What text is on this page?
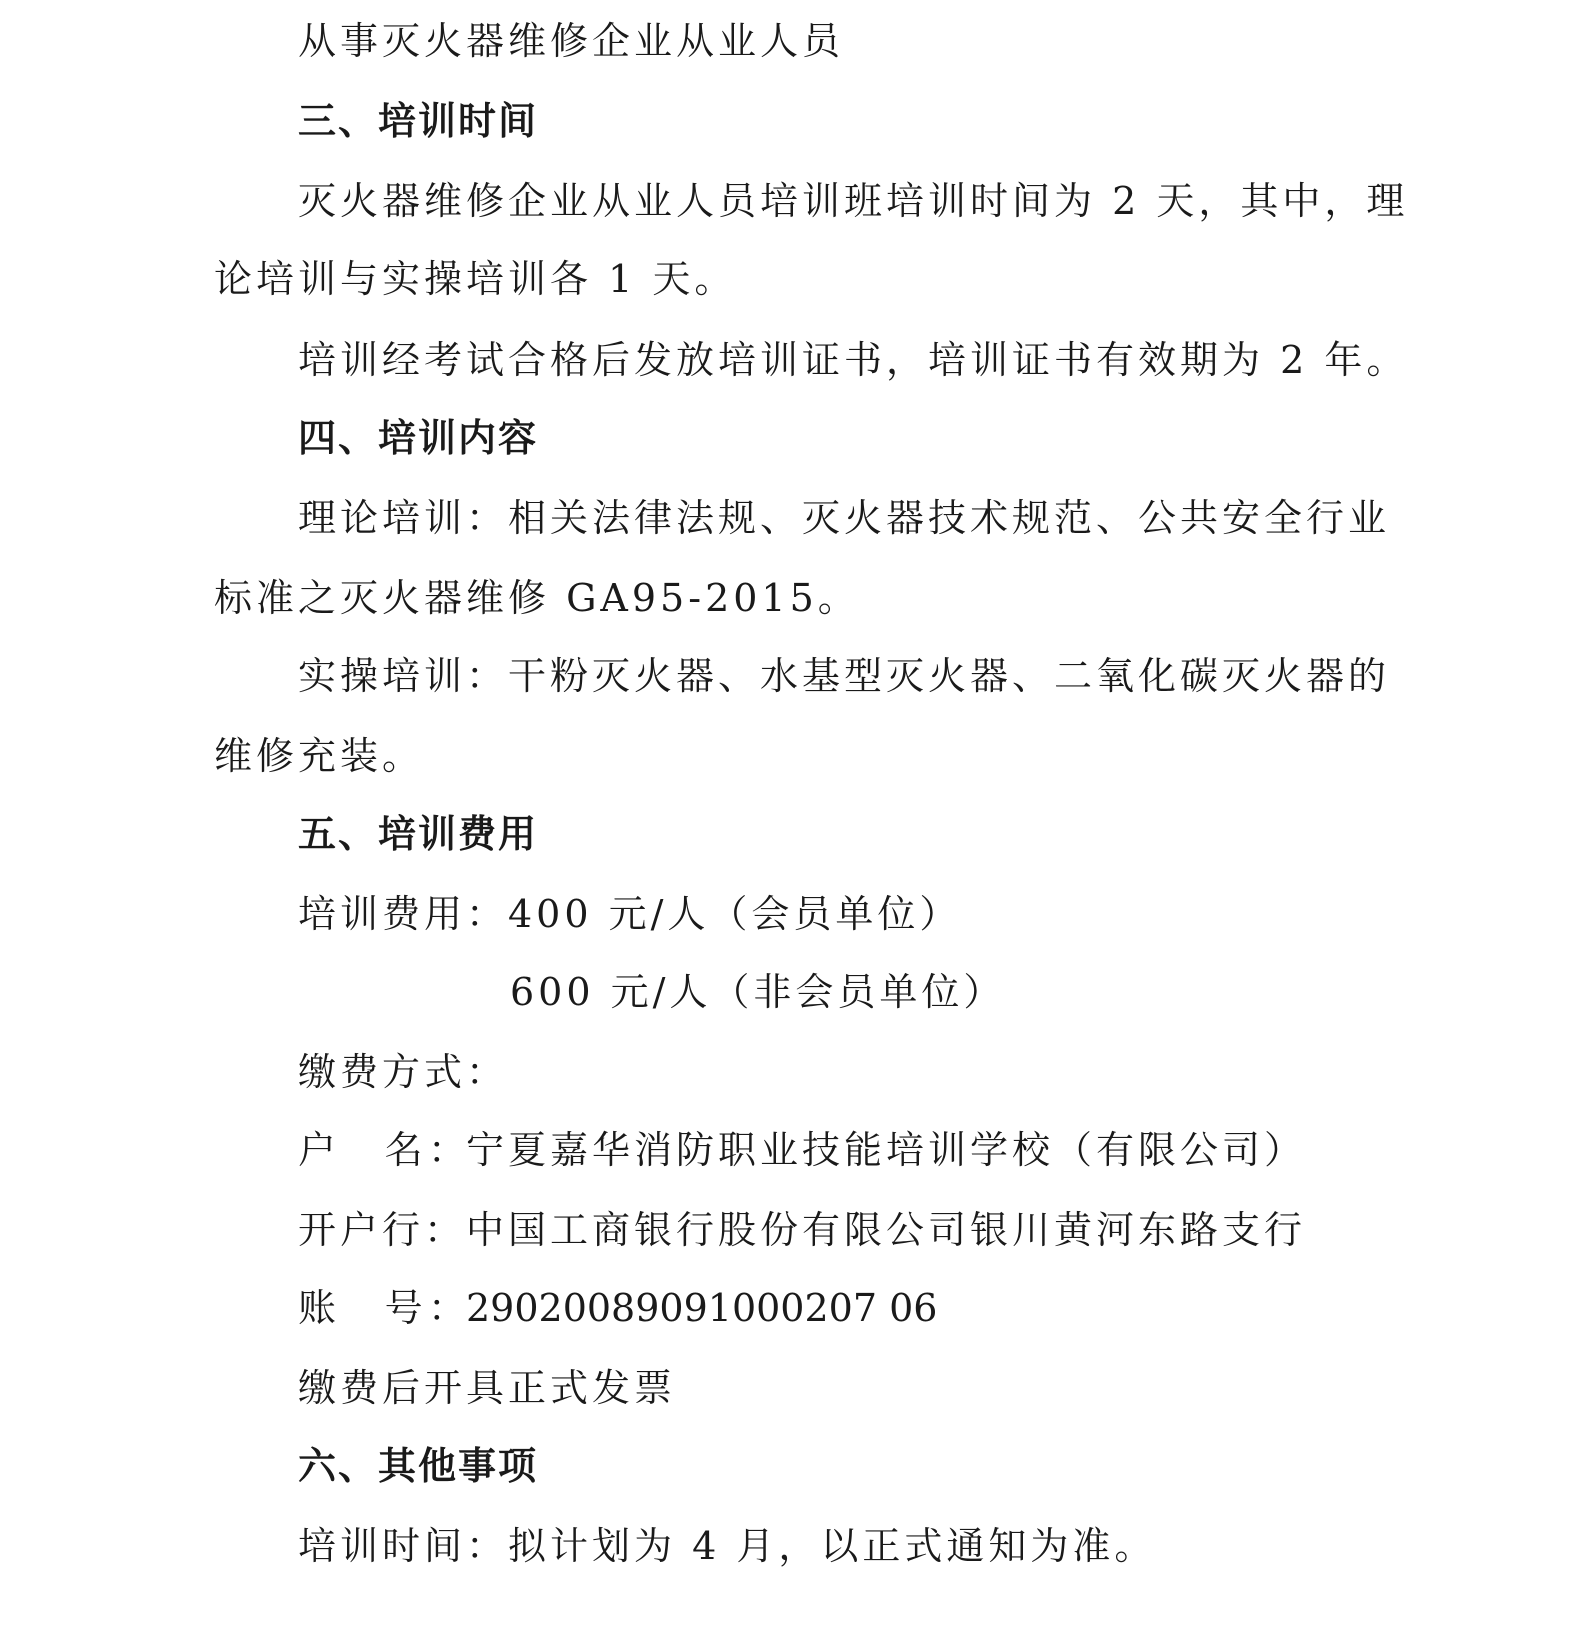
从事灭火器维修企业从业人员
三、培训时间
灭火器维修企业从业人员培训班培训时间为 2 天，其中，理
论培训与实操培训各 1 天。
培训经考试合格后发放培训证书，培训证书有效期为 2 年。
四、培训内容
理论培训：相关法律法规、灭火器技术规范、公共安全行业
标准之灭火器维修 GA95-2015。
实操培训：干粉灭火器、水基型灭火器、二氧化碳灭火器的
维修充装。
五、培训费用
培训费用：400 元/人（会员单位）
600 元/人（非会员单位）
缴费方式：
户　名：宁夏嘉华消防职业技能培训学校（有限公司）
开户行：中国工商银行股份有限公司银川黄河东路支行
账　号：29020089091000207 06
缴费后开具正式发票
六、其他事项
培训时间：拟计划为 4 月，以正式通知为准。
